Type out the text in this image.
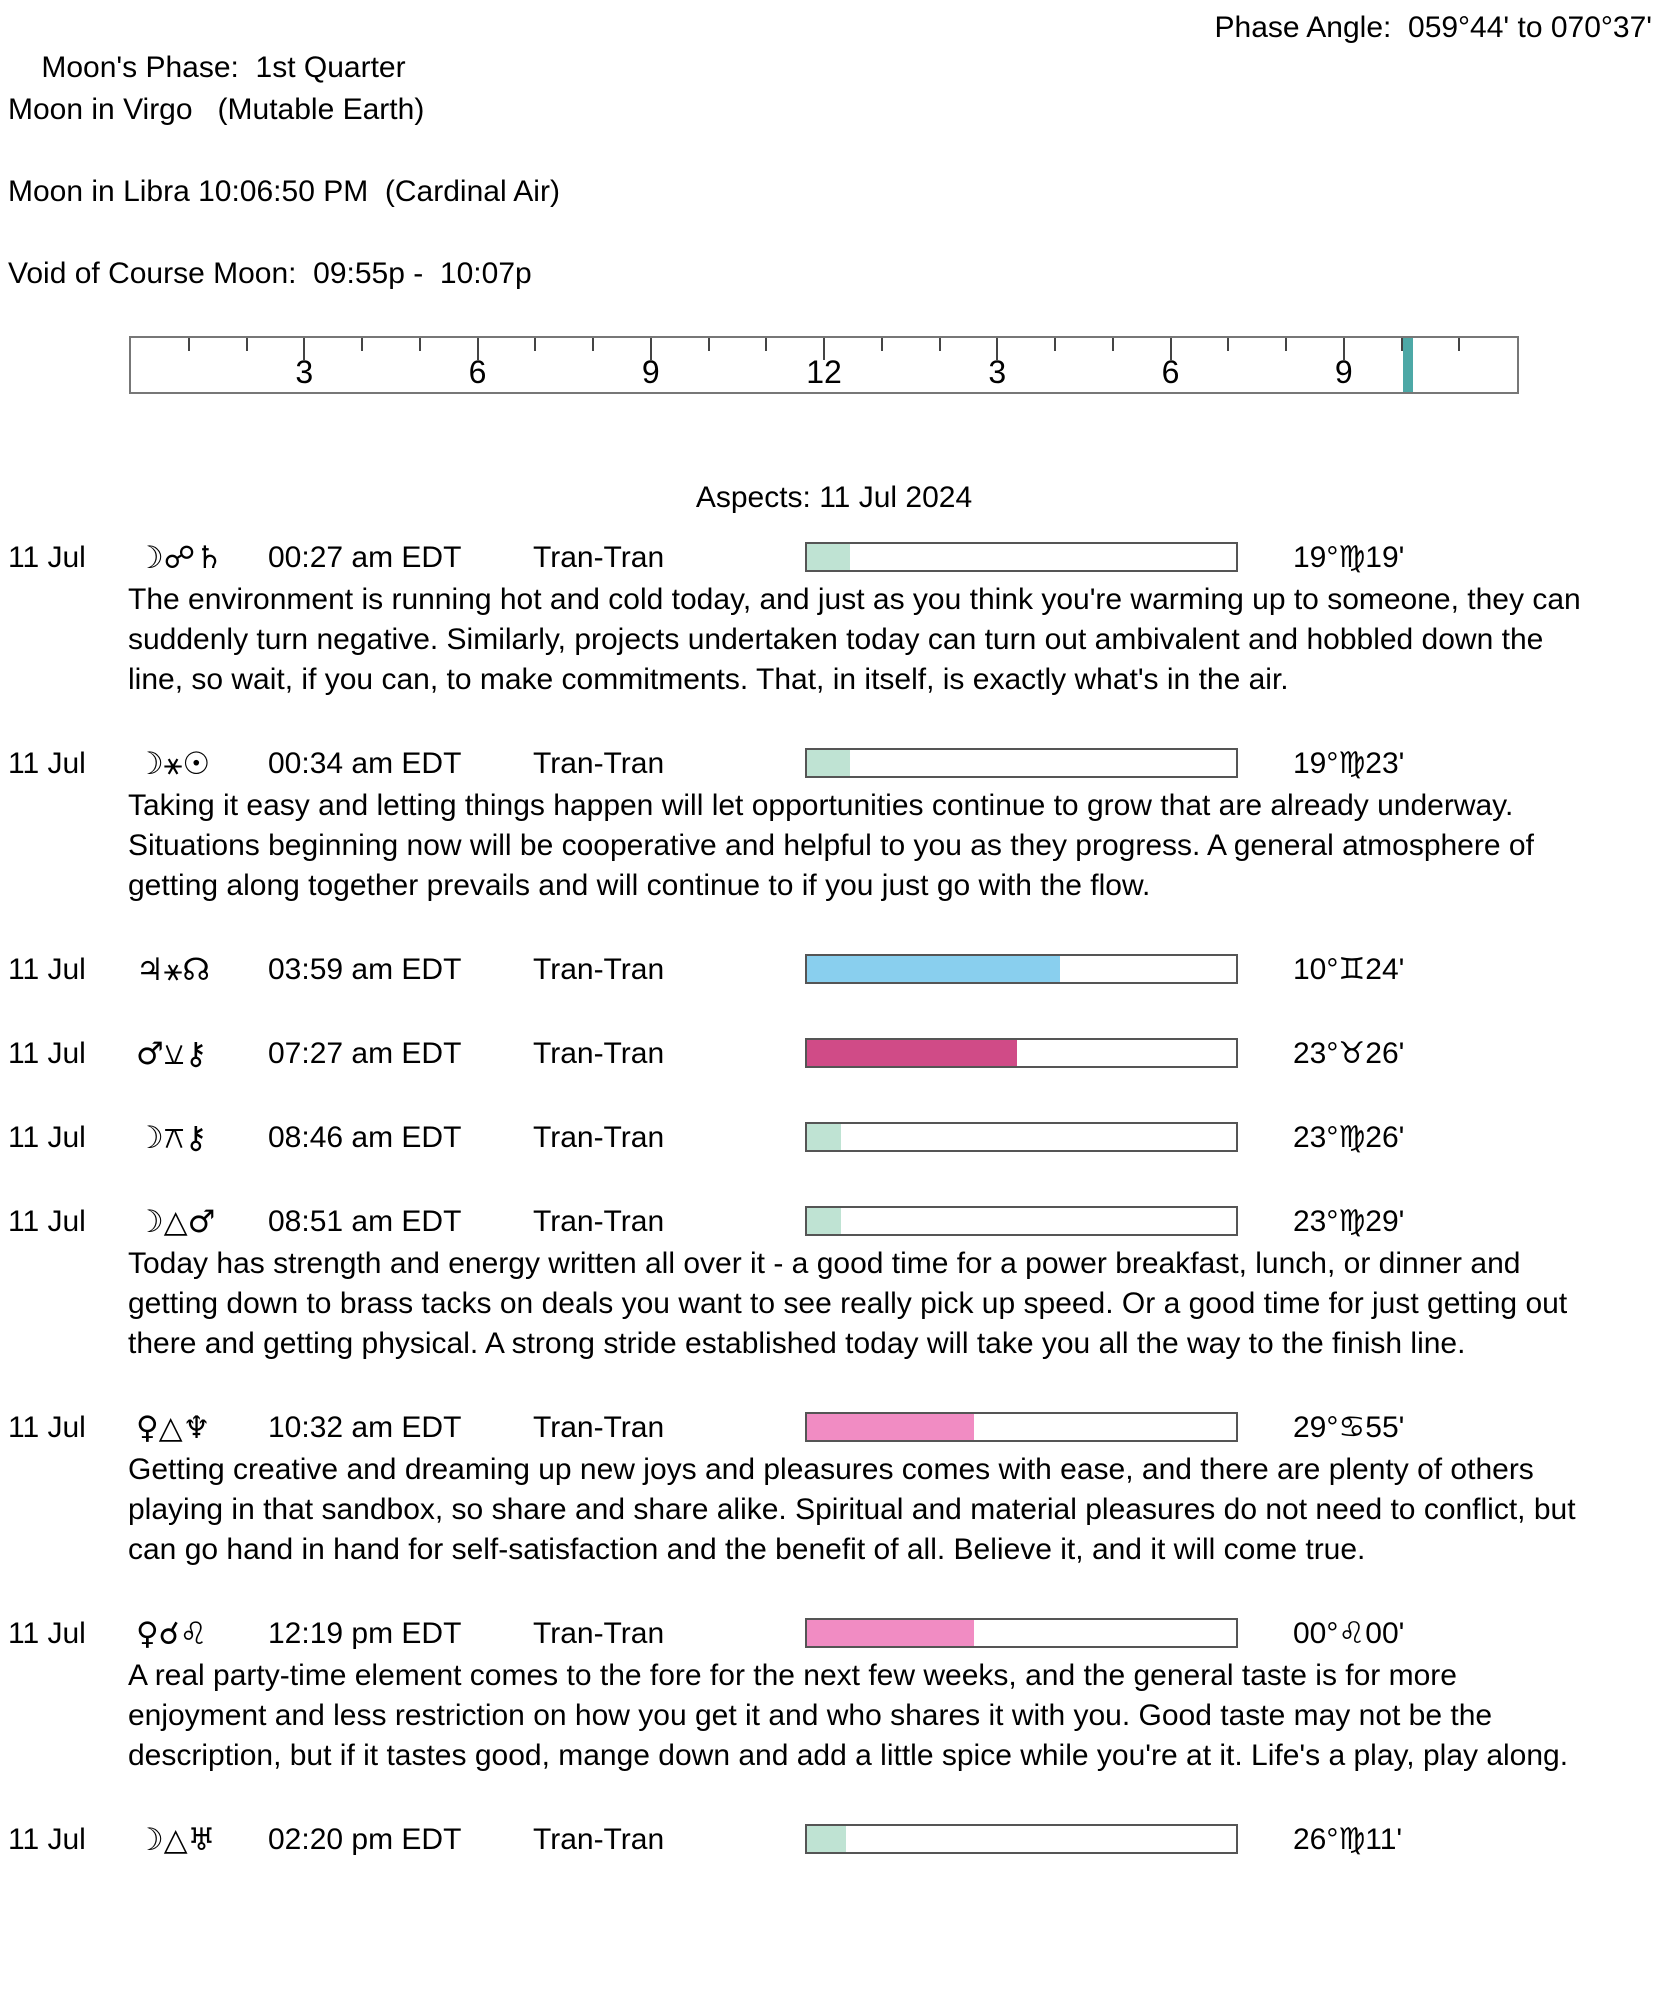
Moon's Phase:  1st Quarter

Phase Angle:  059°44' to 070°37'

Moon in Virgo   (Mutable Earth)
Moon in Libra 10:06:50 PM  (Cardinal Air)
Void of Course Moon:  09:55p -  10:07p
3	6	9	12	3	6	9
Aspects: 11 Jul 2024
11 Jul ☽☍♄ 00:27 am EDT Tran-Tran	19°♍19'
The environment is running hot and cold today, and just as you think you're warming up to someone, they can suddenly turn negative. Similarly, projects undertaken today can turn out ambivalent and hobbled down the line, so wait, if you can, to make commitments. That, in itself, is exactly what's in the air.
11 Jul ☽⚹☉ 00:34 am EDT Tran-Tran	19°♍23'
Taking it easy and letting things happen will let opportunities continue to grow that are already underway. Situations beginning now will be cooperative and helpful to you as they progress. A general atmosphere of getting along together prevails and will continue to if you just go with the flow.
11 Jul ♃⚹☊ 03:59 am EDT Tran-Tran	10°♊24'
11 Jul ♂⚺⚷ 07:27 am EDT Tran-Tran	23°♉26'
11 Jul ☽⚻⚷ 08:46 am EDT Tran-Tran	23°♍26'
11 Jul ☽△♂ 08:51 am EDT Tran-Tran	23°♍29'
Today has strength and energy written all over it - a good time for a power breakfast, lunch, or dinner and getting down to brass tacks on deals you want to see really pick up speed. Or a good time for just getting out there and getting physical. A strong stride established today will take you all the way to the finish line.
11 Jul ♀△♆ 10:32 am EDT Tran-Tran	29°♋55'
Getting creative and dreaming up new joys and pleasures comes with ease, and there are plenty of others playing in that sandbox, so share and share alike. Spiritual and material pleasures do not need to conflict, but can go hand in hand for self-satisfaction and the benefit of all. Believe it, and it will come true.
11 Jul ♀☌♌ 12:19 pm EDT Tran-Tran	00°♌00'
A real party-time element comes to the fore for the next few weeks, and the general taste is for more enjoyment and less restriction on how you get it and who shares it with you. Good taste may not be the description, but if it tastes good, mange down and add a little spice while you're at it. Life's a play, play along.
11 Jul ☽△♅ 02:20 pm EDT Tran-Tran	26°♍11'
